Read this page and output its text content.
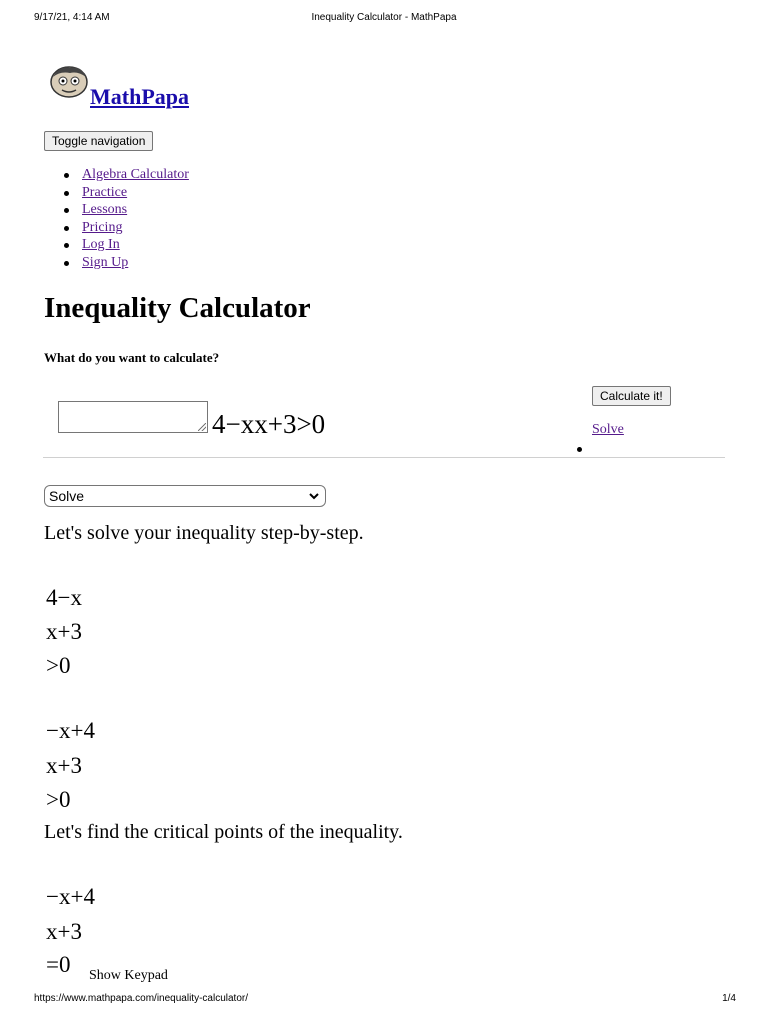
9/17/21, 4:14 AM	Inequality Calculator - MathPapa
MathPapa
Toggle navigation
Algebra Calculator
Practice
Lessons
Pricing
Log In
Sign Up
Inequality Calculator
What do you want to calculate?
4−xx+3>0
Calculate it!
Solve
Solve
Let's solve your inequality step-by-step.
4−x
x+3
>0
−x+4
x+3
>0
Let's find the critical points of the inequality.
−x+4
x+3
=0 Show Keypad
https://www.mathpapa.com/inequality-calculator/	1/4
